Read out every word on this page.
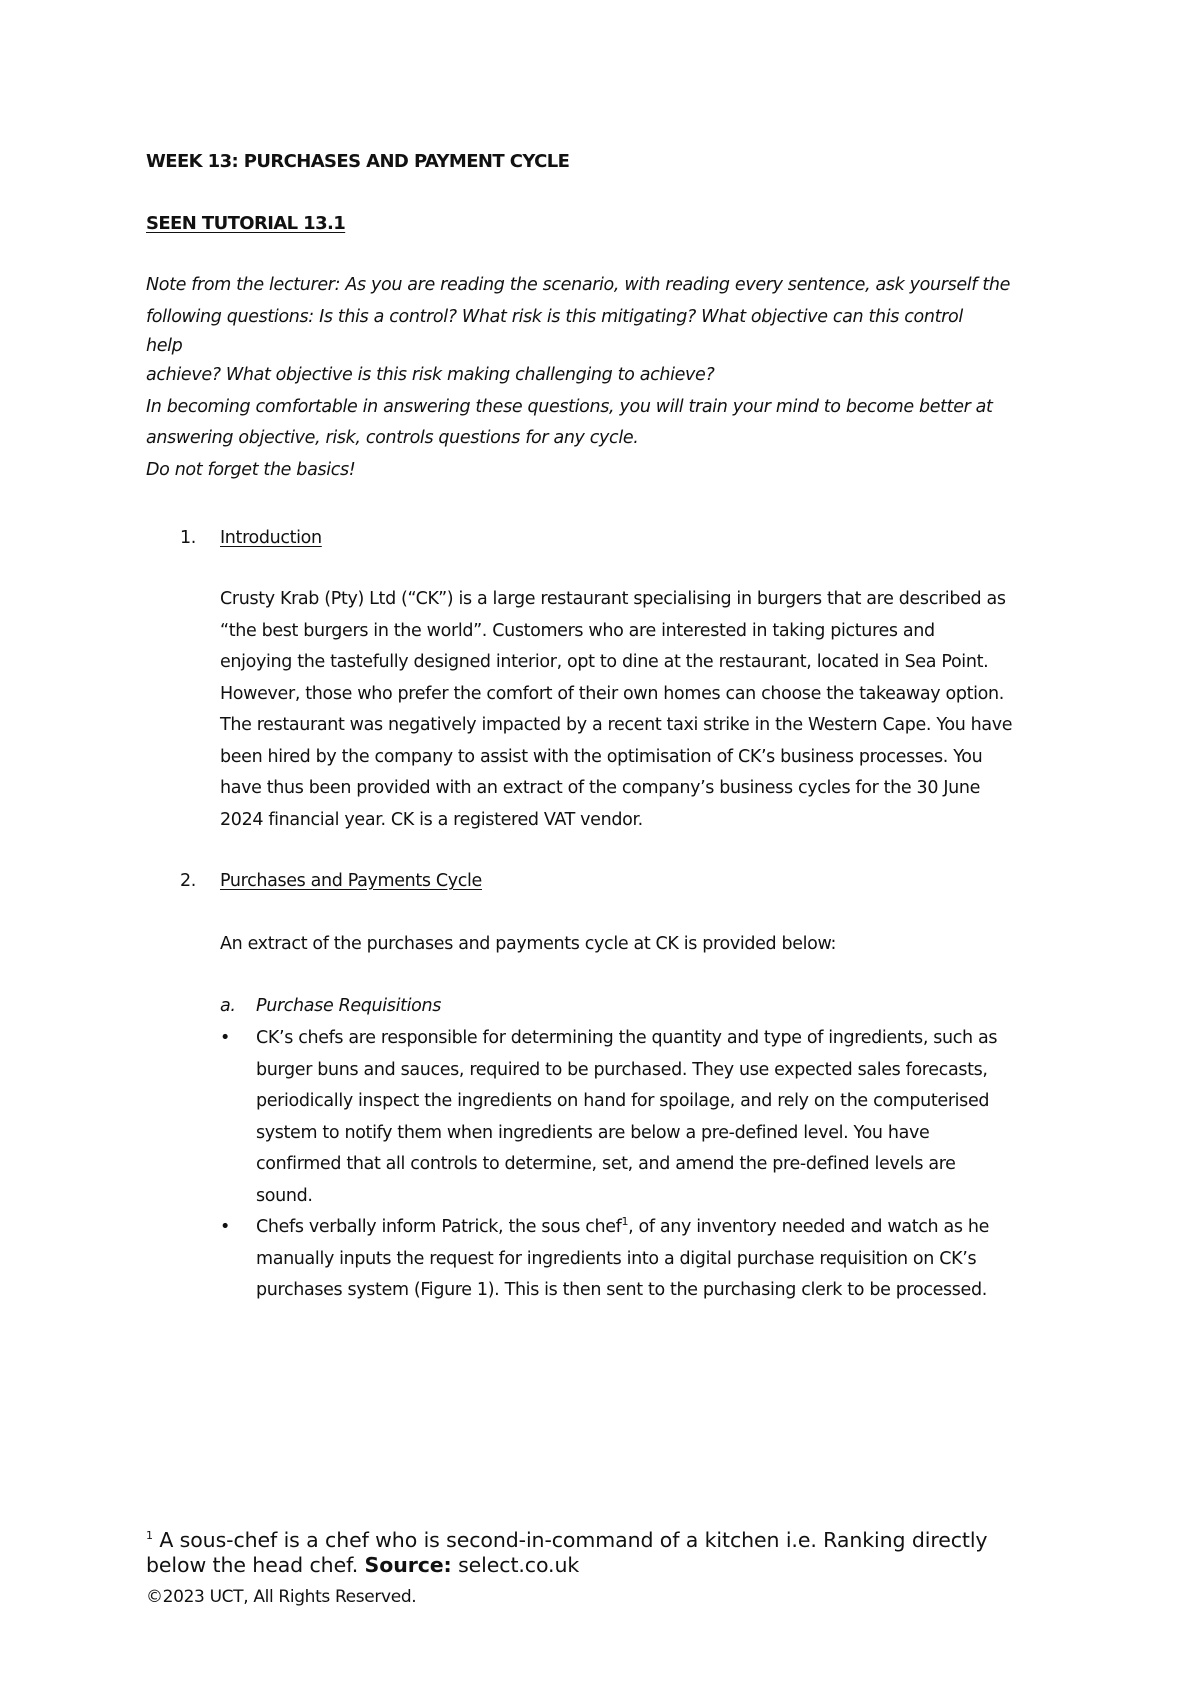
WEEK 13: PURCHASES AND PAYMENT CYCLE
SEEN TUTORIAL 13.1

Note from the lecturer: As you are reading the scenario, with reading every sentence, ask yourself the

following questions: Is this a control? What risk is this mitigating? What objective can this control

help

achieve? What objective is this risk making challenging to achieve?

In becoming comfortable in answering these questions, you will train your mind to become better at

answering objective, risk, controls questions for any cycle.

Do not forget the basics!

1. Introduction

Crusty Krab (Pty) Ltd (“CK”) is a large restaurant specialising in burgers that are described as

“the best burgers in the world”. Customers who are interested in taking pictures and

enjoying the tastefully designed interior, opt to dine at the restaurant, located in Sea Point.

However, those who prefer the comfort of their own homes can choose the takeaway option.

The restaurant was negatively impacted by a recent taxi strike in the Western Cape. You have

been hired by the company to assist with the optimisation of CK’s business processes. You

have thus been provided with an extract of the company’s business cycles for the 30 June

2024 financial year. CK is a registered VAT vendor.

2. Purchases and Payments Cycle
An extract of the purchases and payments cycle at CK is provided below:
a. Purchase Requisitions
• CK’s chefs are responsible for determining the quantity and type of ingredients, such as

burger buns and sauces, required to be purchased. They use expected sales forecasts,

periodically inspect the ingredients on hand for spoilage, and rely on the computerised

system to notify them when ingredients are below a pre-defined level. You have

confirmed that all controls to determine, set, and amend the pre-defined levels are

sound.

• Chefs verbally inform Patrick, the sous chef$^1$, of any inventory needed and watch as he

manually inputs the request for ingredients into a digital purchase requisition on CK’s

purchases system (Figure 1). This is then sent to the purchasing clerk to be processed.

$^1$ A sous-chef is a chef who is second-in-command of a kitchen i.e. Ranking directly below the head chef. Source: select.co.uk
©2023 UCT, All Rights Reserved.
